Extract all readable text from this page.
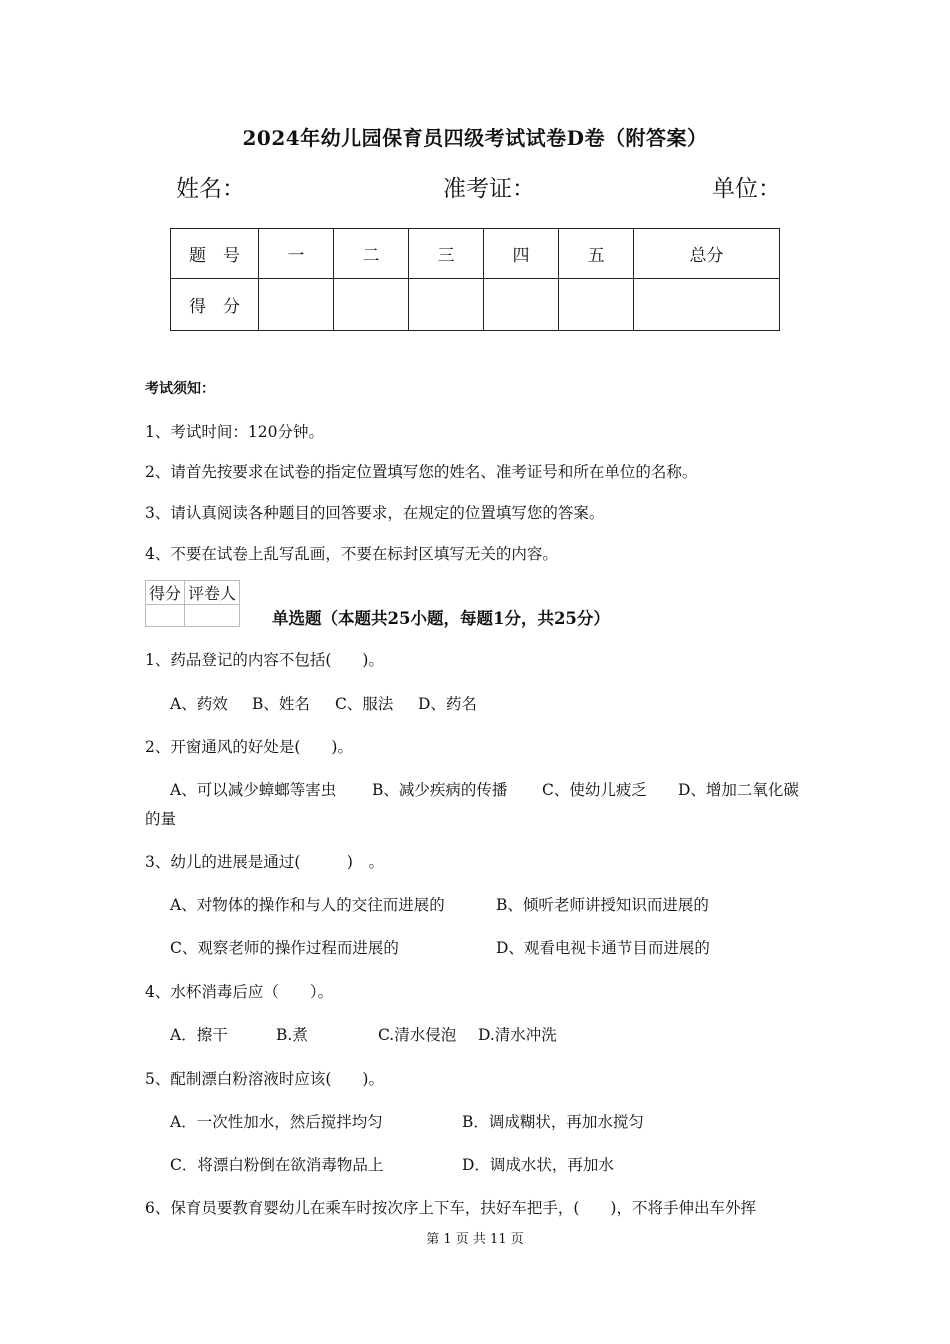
2024年幼儿园保育员四级考试试卷D卷（附答案）
姓名：	准考证：	单位：
题　号	一	二	三	四	五	总分
得　分						
考试须知：
1、考试时间：120分钟。
2、请首先按要求在试卷的指定位置填写您的姓名、准考证号和所在单位的名称。
3、请认真阅读各种题目的回答要求，在规定的位置填写您的答案。
4、不要在试卷上乱写乱画，不要在标封区填写无关的内容。
得分	评卷人

单选题（本题共25小题，每题1分，共25分）
1、药品登记的内容不包括(　　)。
A、药效 B、姓名 C、服法 D、药名
2、开窗通风的好处是(　　)。
A、可以减少蟑螂等害虫 B、减少疾病的传播 C、使幼儿疲乏 D、增加二氧化碳
的量
3、幼儿的进展是通过(　　　)　。
A、对物体的操作和与人的交往而进展的	B、倾听老师讲授知识而进展的
C、观察老师的操作过程而进展的	D、观看电视卡通节目而进展的
4、水杯消毒后应（　　）。
A．擦干	B.煮	C.清水侵泡 D.清水冲洗
5、配制漂白粉溶液时应该(　　)。
A．一次性加水，然后搅拌均匀	B．调成糊状，再加水搅匀
C．将漂白粉倒在欲消毒物品上	D．调成水状，再加水
6、保育员要教育婴幼儿在乘车时按次序上下车，扶好车把手，(　　)，不将手伸出车外挥
第 1 页 共 11 页
